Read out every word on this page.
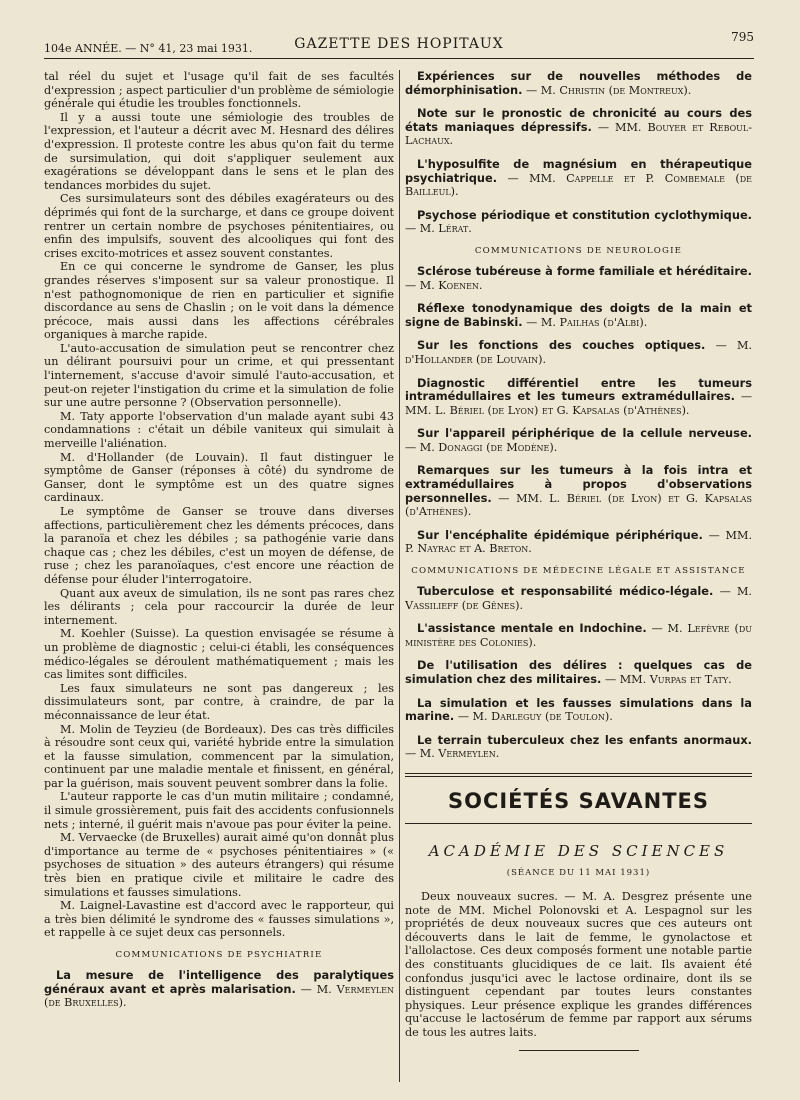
104e ANNÉE. — N° 41, 23 mai 1931.	GAZETTE DES HOPITAUX	795

tal réel du sujet et l'usage qu'il fait de ses facultés d'expression ; aspect particulier d'un problème de sémiologie générale qui étudie les troubles fonctionnels.

Il y a aussi toute une sémiologie des troubles de l'expression, et l'auteur a décrit avec M. Hesnard des délires d'expression. Il proteste contre les abus qu'on fait du terme de sursimulation, qui doit s'appliquer seulement aux exagérations se développant dans le sens et le plan des tendances morbides du sujet.

Ces sursimulateurs sont des débiles exagérateurs ou des déprimés qui font de la surcharge, et dans ce groupe doivent rentrer un certain nombre de psychoses pénitentiaires, ou enfin des impulsifs, souvent des alcooliques qui font des crises excito-motrices et assez souvent constantes.

En ce qui concerne le syndrome de Ganser, les plus grandes réserves s'imposent sur sa valeur pronostique. Il n'est pathognomonique de rien en particulier et signifie discordance au sens de Chaslin ; on le voit dans la démence précoce, mais aussi dans les affections cérébrales organiques à marche rapide.

L'auto-accusation de simulation peut se rencontrer chez un délirant poursuivi pour un crime, et qui pressentant l'internement, s'accuse d'avoir simulé l'auto-accusation, et peut-on rejeter l'instigation du crime et la simulation de folie sur une autre personne ? (Observation personnelle).

M. Taty apporte l'observation d'un malade ayant subi 43 condamnations : c'était un débile vaniteux qui simulait à merveille l'aliénation.

M. d'Hollander (de Louvain). Il faut distinguer le symptôme de Ganser (réponses à côté) du syndrome de Ganser, dont le symptôme est un des quatre signes cardinaux.

Le symptôme de Ganser se trouve dans diverses affections, particulièrement chez les déments précoces, dans la paranoïa et chez les débiles ; sa pathogénie varie dans chaque cas ; chez les débiles, c'est un moyen de défense, de ruse ; chez les paranoïaques, c'est encore une réaction de défense pour éluder l'interrogatoire.

Quant aux aveux de simulation, ils ne sont pas rares chez les délirants ; cela pour raccourcir la durée de leur internement.

M. Koehler (Suisse). La question envisagée se résume à un problème de diagnostic ; celui-ci établi, les conséquences médico-légales se déroulent mathématiquement ; mais les cas limites sont difficiles.

Les faux simulateurs ne sont pas dangereux ; les dissimulateurs sont, par contre, à craindre, de par la méconnaissance de leur état.

M. Molin de Teyzieu (de Bordeaux). Des cas très difficiles à résoudre sont ceux qui, variété hybride entre la simulation et la fausse simulation, commencent par la simulation, continuent par une maladie mentale et finissent, en général, par la guérison, mais souvent peuvent sombrer dans la folie.

L'auteur rapporte le cas d'un mutin militaire ; condamné, il simule grossièrement, puis fait des accidents confusionnels nets ; interné, il guérit mais n'avoue pas pour éviter la peine.

M. Vervaecke (de Bruxelles) aurait aimé qu'on donnât plus d'importance au terme de « psychoses pénitentiaires » (« psychoses de situation » des auteurs étrangers) qui résume très bien en pratique civile et militaire le cadre des simulations et fausses simulations.

M. Laignel-Lavastine est d'accord avec le rapporteur, qui a très bien délimité le syndrome des « fausses simulations », et rappelle à ce sujet deux cas personnels.

COMMUNICATIONS DE PSYCHIATRIE

La mesure de l'intelligence des paralytiques généraux avant et après malarisation. — M. Vermeylen (de Bruxelles).

Expériences sur de nouvelles méthodes de démorphinisation. — M. Christin (de Montreux).

Note sur le pronostic de chronicité au cours des états maniaques dépressifs. — MM. Bouyer et Reboul-Lachaux.

L'hyposulfite de magnésium en thérapeutique psychiatrique. — MM. Cappelle et P. Combemale (de Bailleul).

Psychose périodique et constitution cyclothymique. — M. Lérat.

COMMUNICATIONS DE NEUROLOGIE

Sclérose tubéreuse à forme familiale et héréditaire. — M. Koenen.

Réflexe tonodynamique des doigts de la main et signe de Babinski. — M. Pailhas (d'Albi).

Sur les fonctions des couches optiques. — M. d'Hollander (de Louvain).

Diagnostic différentiel entre les tumeurs intramédullaires et les tumeurs extramédullaires. — MM. L. Bériel (de Lyon) et G. Kapsalas (d'Athènes).

Sur l'appareil périphérique de la cellule nerveuse. — M. Donaggi (de Modène).

Remarques sur les tumeurs à la fois intra et extramédullaires à propos d'observations personnelles. — MM. L. Bériel (de Lyon) et G. Kapsalas (d'Athènes).

Sur l'encéphalite épidémique périphérique. — MM. P. Nayrac et A. Breton.

COMMUNICATIONS DE MÉDECINE LÉGALE ET ASSISTANCE

Tuberculose et responsabilité médico-légale. — M. Vassilieff (de Gênes).

L'assistance mentale en Indochine. — M. Lefèvre (du ministère des Colonies).

De l'utilisation des délires : quelques cas de simulation chez des militaires. — MM. Vurpas et Taty.

La simulation et les fausses simulations dans la marine. — M. Darleguy (de Toulon).

Le terrain tuberculeux chez les enfants anormaux. — M. Vermeylen.

SOCIÉTÉS SAVANTES
ACADÉMIE DES SCIENCES
(SÉANCE DU 11 MAI 1931)

Deux nouveaux sucres. — M. A. Desgrez présente une note de MM. Michel Polonovski et A. Lespagnol sur les propriétés de deux nouveaux sucres que ces auteurs ont découverts dans le lait de femme, le gynolactose et l'allolactose. Ces deux composés forment une notable partie des constituants glucidiques de ce lait. Ils avaient été confondus jusqu'ici avec le lactose ordinaire, dont ils se distinguent cependant par toutes leurs constantes physiques. Leur présence explique les grandes différences qu'accuse le lactosérum de femme par rapport aux sérums de tous les autres laits.
